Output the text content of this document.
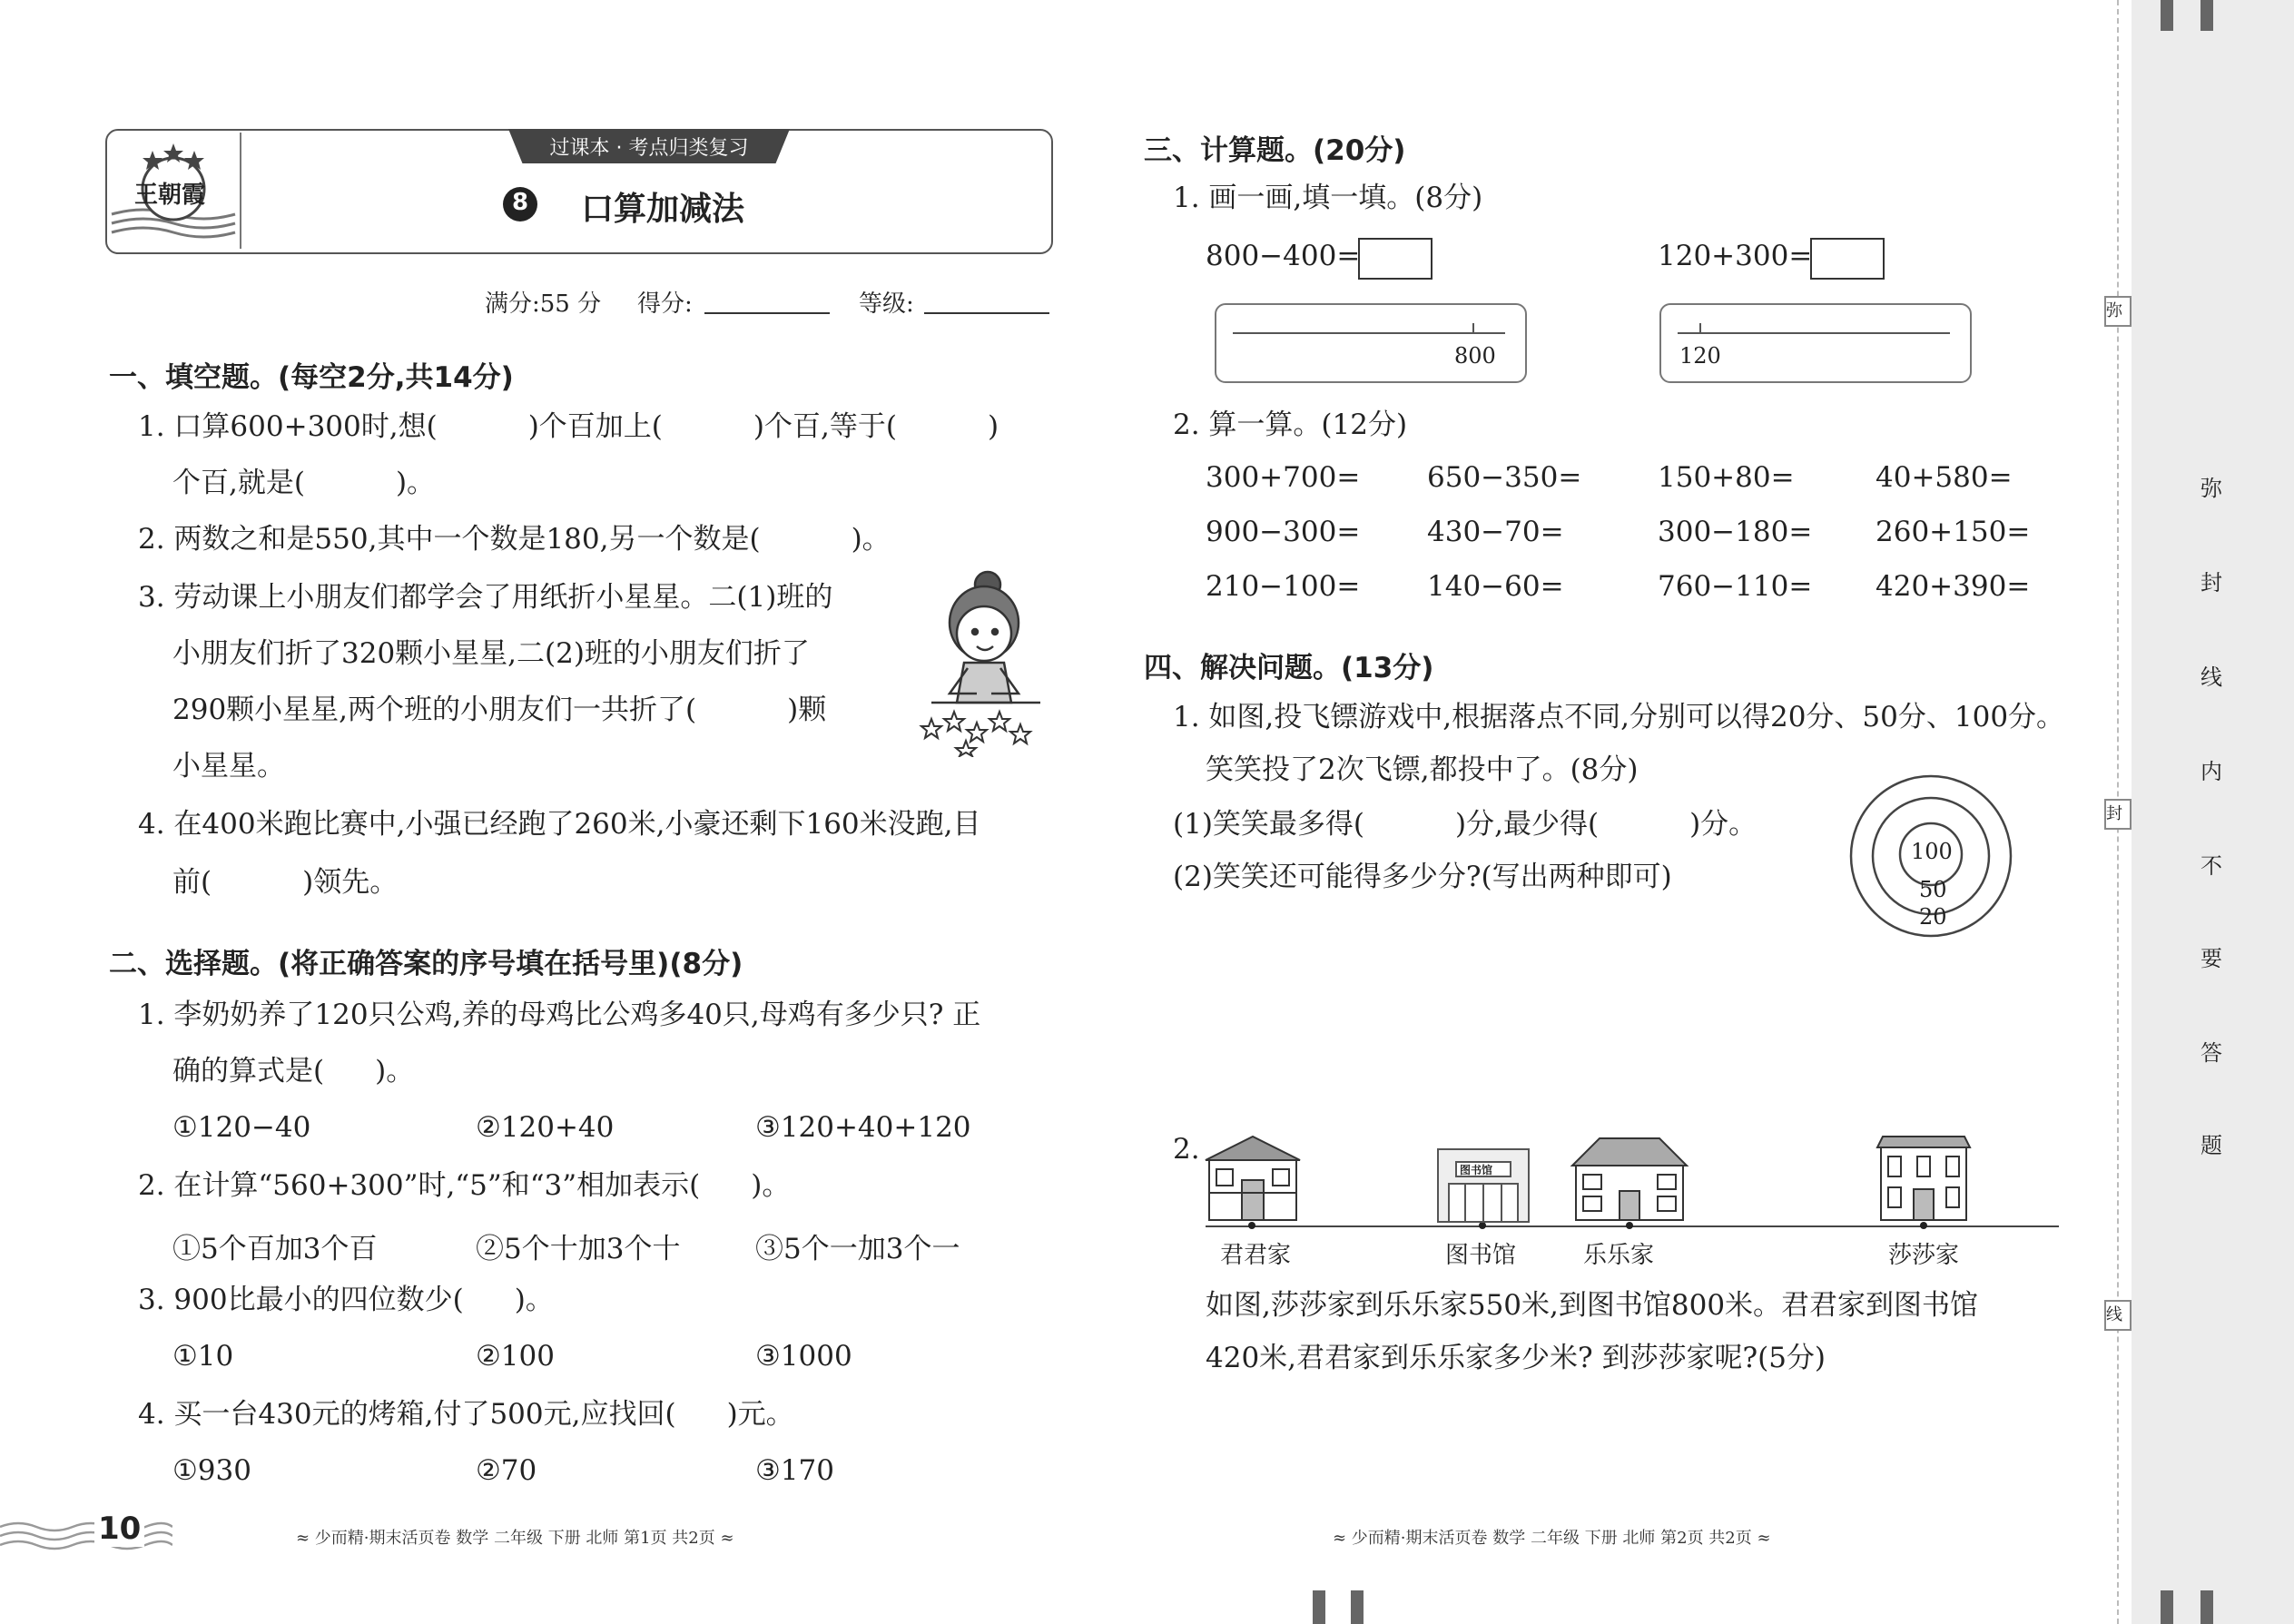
王朝霞
过课本 · 考点归类复习
8 口算加减法
满分:55 分 得分:	等级:
一、填空题。(每空2分,共14分)
1. 口算600+300时,想(	)个百加上(	)个百,等于(	)
个百,就是(	)。
2. 两数之和是550,其中一个数是180,另一个数是(	)。
3. 劳动课上小朋友们都学会了用纸折小星星。二(1)班的
小朋友们折了320颗小星星,二(2)班的小朋友们折了
290颗小星星,两个班的小朋友们一共折了(	)颗
小星星。
4. 在400米跑比赛中,小强已经跑了260米,小豪还剩下160米没跑,目
前(	)领先。
二、选择题。(将正确答案的序号填在括号里)(8分)
1. 李奶奶养了120只公鸡,养的母鸡比公鸡多40只,母鸡有多少只? 正
确的算式是( )。
①120−40	②120+40	③120+40+120
2. 在计算“560+300”时,“5”和“3”相加表示( )。
①5个百加3个百	②5个十加3个十	③5个一加3个一
3. 900比最小的四位数少( )。
①10	②100	③1000
4. 买一台430元的烤箱,付了500元,应找回( )元。
①930	②70	③170
10	≈ 少而精·期末活页卷 数学 二年级 下册 北师 第1页 共2页 ≈
三、计算题。(20分)
1. 画一画,填一填。(8分)
800−400=	120+300=
800	120
2. 算一算。(12分)
300+700= 650−350=	150+80=	40+580=
900−300= 430−70=	300−180= 260+150=
210−100= 140−60=	760−110= 420+390=
四、解决问题。(13分)
1. 如图,投飞镖游戏中,根据落点不同,分别可以得20分、50分、100分。
笑笑投了2次飞镖,都投中了。(8分)
(1)笑笑最多得(	)分,最少得(	)分。
(2)笑笑还可能得多少分?(写出两种即可)
100
50
20
2.
图书馆
君君家	图书馆	乐乐家	莎莎家
如图,莎莎家到乐乐家550米,到图书馆800米。君君家到图书馆
420米,君君家到乐乐家多少米? 到莎莎家呢?(5分)
≈ 少而精·期末活页卷 数学 二年级 下册 北师 第2页 共2页 ≈
弥
封
线
弥
封
线
内
不
要
答
题
